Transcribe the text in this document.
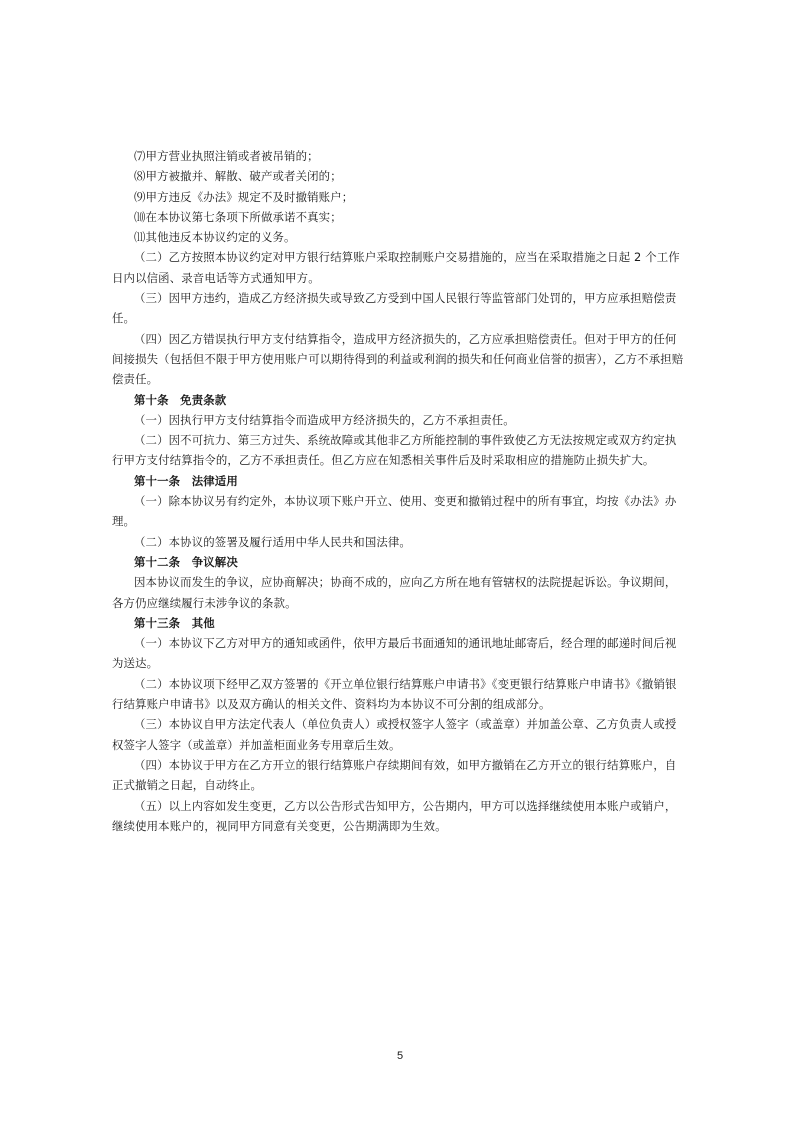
⑺甲方营业执照注销或者被吊销的；
⑻甲方被撤并、解散、破产或者关闭的；
⑼甲方违反《办法》规定不及时撤销账户；
⑽在本协议第七条项下所做承诺不真实；
⑾其他违反本协议约定的义务。
（二）乙方按照本协议约定对甲方银行结算账户采取控制账户交易措施的，应当在采取措施之日起 2 个工作
日内以信函、录音电话等方式通知甲方。
（三）因甲方违约，造成乙方经济损失或导致乙方受到中国人民银行等监管部门处罚的，甲方应承担赔偿责
任。
（四）因乙方错误执行甲方支付结算指令，造成甲方经济损失的，乙方应承担赔偿责任。但对于甲方的任何
间接损失（包括但不限于甲方使用账户可以期待得到的利益或利润的损失和任何商业信誉的损害），乙方不承担赔
偿责任。
第十条　免责条款
（一）因执行甲方支付结算指令而造成甲方经济损失的，乙方不承担责任。
（二）因不可抗力、第三方过失、系统故障或其他非乙方所能控制的事件致使乙方无法按规定或双方约定执
行甲方支付结算指令的，乙方不承担责任。但乙方应在知悉相关事件后及时采取相应的措施防止损失扩大。
第十一条　法律适用
（一）除本协议另有约定外，本协议项下账户开立、使用、变更和撤销过程中的所有事宜，均按《办法》办
理。
（二）本协议的签署及履行适用中华人民共和国法律。
第十二条　争议解决
因本协议而发生的争议，应协商解决；协商不成的，应向乙方所在地有管辖权的法院提起诉讼。争议期间，
各方仍应继续履行未涉争议的条款。
第十三条　其他
（一）本协议下乙方对甲方的通知或函件，依甲方最后书面通知的通讯地址邮寄后，经合理的邮递时间后视
为送达。
（二）本协议项下经甲乙双方签署的《开立单位银行结算账户申请书》《变更银行结算账户申请书》《撤销银
行结算账户申请书》以及双方确认的相关文件、资料均为本协议不可分割的组成部分。
（三）本协议自甲方法定代表人（单位负责人）或授权签字人签字（或盖章）并加盖公章、乙方负责人或授
权签字人签字（或盖章）并加盖柜面业务专用章后生效。
（四）本协议于甲方在乙方开立的银行结算账户存续期间有效，如甲方撤销在乙方开立的银行结算账户，自
正式撤销之日起，自动终止。
（五）以上内容如发生变更，乙方以公告形式告知甲方，公告期内，甲方可以选择继续使用本账户或销户，
继续使用本账户的，视同甲方同意有关变更，公告期满即为生效。
5
